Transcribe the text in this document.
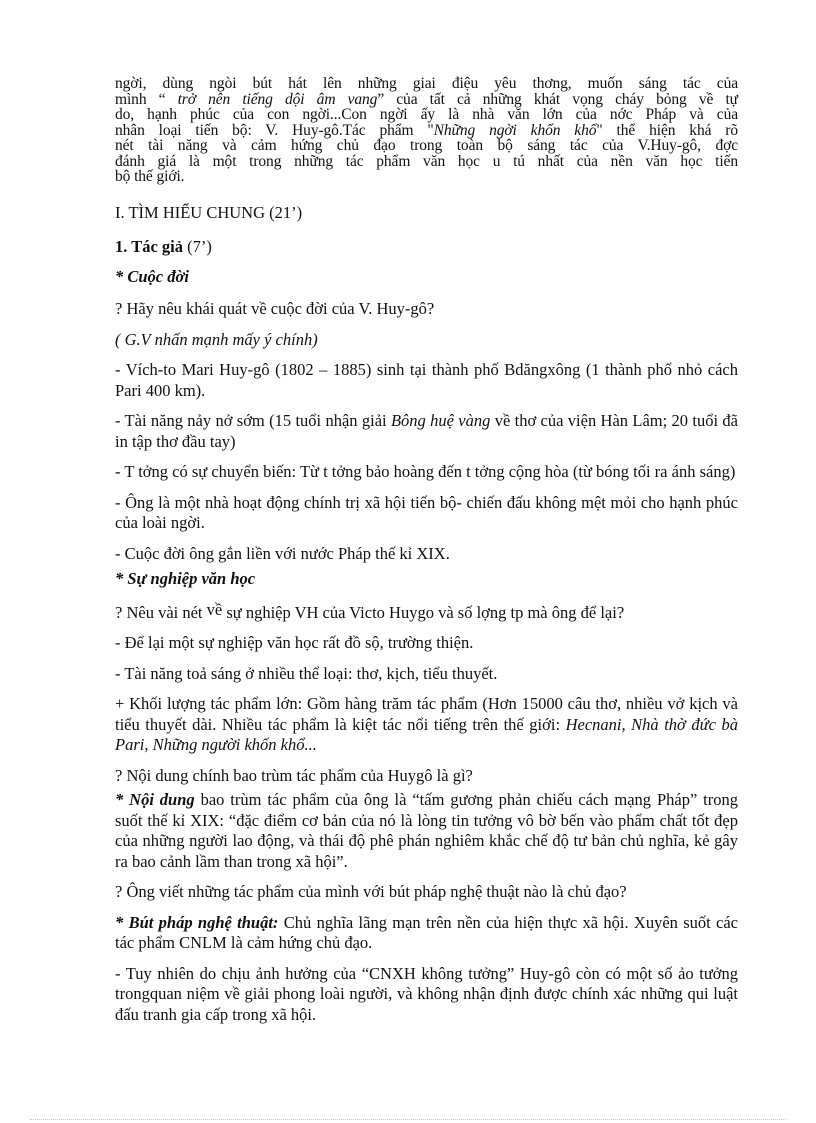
ngời, dùng ngòi bút hát lên những giai điệu yêu thơng, muốn sáng tác của
mình “ trở nên tiếng dội âm vang” của tất cả những khát vọng cháy bỏng về tự
do, hạnh phúc của con ngời...Con ngời ấy là nhà văn lớn của nớc Pháp và của
nhân loại tiến bộ: V. Huy-gô.Tác phẩm "Những ngời khốn khổ" thể hiện khá rõ
nét tài năng và cảm hứng chủ đạo trong toàn bộ sáng tác của V.Huy-gô, đợc
đánh giá là một trong những tác phẩm văn học u tú nhất của nền văn học tiến
bộ thế giới.

I. TÌM HIỂU CHUNG (21’)

1. Tác giả (7’)

* Cuộc đời

? Hãy nêu khái quát về cuộc đời của V. Huy-gô?

( G.V nhấn mạnh mấy ý chính)

- Vích-to Mari Huy-gô (1802 – 1885) sinh tại thành phố Bdăngxông (1 thành phố nhỏ cách Pari 400 km).

- Tài năng nảy nở sớm (15 tuổi nhận giải Bông huệ vàng về thơ của viện Hàn Lâm; 20 tuổi đã in tập thơ đầu tay)

- T tởng có sự chuyển biến: Từ t tởng bảo hoàng đến t tởng cộng hòa (từ bóng tối ra ánh sáng)

- Ông là một nhà hoạt động chính trị xã hội tiến bộ- chiến đấu không mệt mỏi cho hạnh phúc của loài ngời.

- Cuộc đời ông gắn liền với nước Pháp thế kỉ XIX.

* Sự nghiệp văn học

? Nêu vài nét về sự nghiệp VH của Victo Huygo và số lợng tp mà ông để lại?

- Để lại một sự nghiệp văn học rất đồ sộ, trường thiện.

- Tài năng toả sáng ở nhiều thể loại: thơ, kịch, tiểu thuyết.

+ Khối lượng tác phẩm lớn: Gồm hàng trăm tác phẩm (Hơn 15000 câu thơ, nhiều vở kịch và tiểu thuyết dài. Nhiều tác phẩm là kiệt tác nổi tiếng trên thế giới: Hecnani, Nhà thờ đức bà Pari, Những người khốn khổ...

? Nội dung chính bao trùm tác phẩm của Huygô là gì?

* Nội dung bao trùm tác phẩm của ông là “tấm gương phản chiếu cách mạng Pháp” trong suốt thế kỉ XIX: “đặc điểm cơ bản của nó là lòng tin tưởng vô bờ bến vào phẩm chất tốt đẹp của những người lao động, và thái độ phê phán nghiêm khắc chế độ tư bản chủ nghĩa, kẻ gây ra bao cảnh lầm than trong xã hội”.

? Ông viết những tác phẩm của mình với bút pháp nghệ thuật nào là chủ đạo?

* Bút pháp nghệ thuật: Chủ nghĩa lãng mạn trên nền của hiện thực xã hội. Xuyên suốt các tác phẩm CNLM là cảm hứng chủ đạo.

- Tuy nhiên do chịu ảnh hưởng của “CNXH không tưởng” Huy-gô còn có một số ảo tưởng trongquan niệm về giải phong loài người, và không nhận định được chính xác những qui luật đấu tranh gia cấp trong xã hội.
